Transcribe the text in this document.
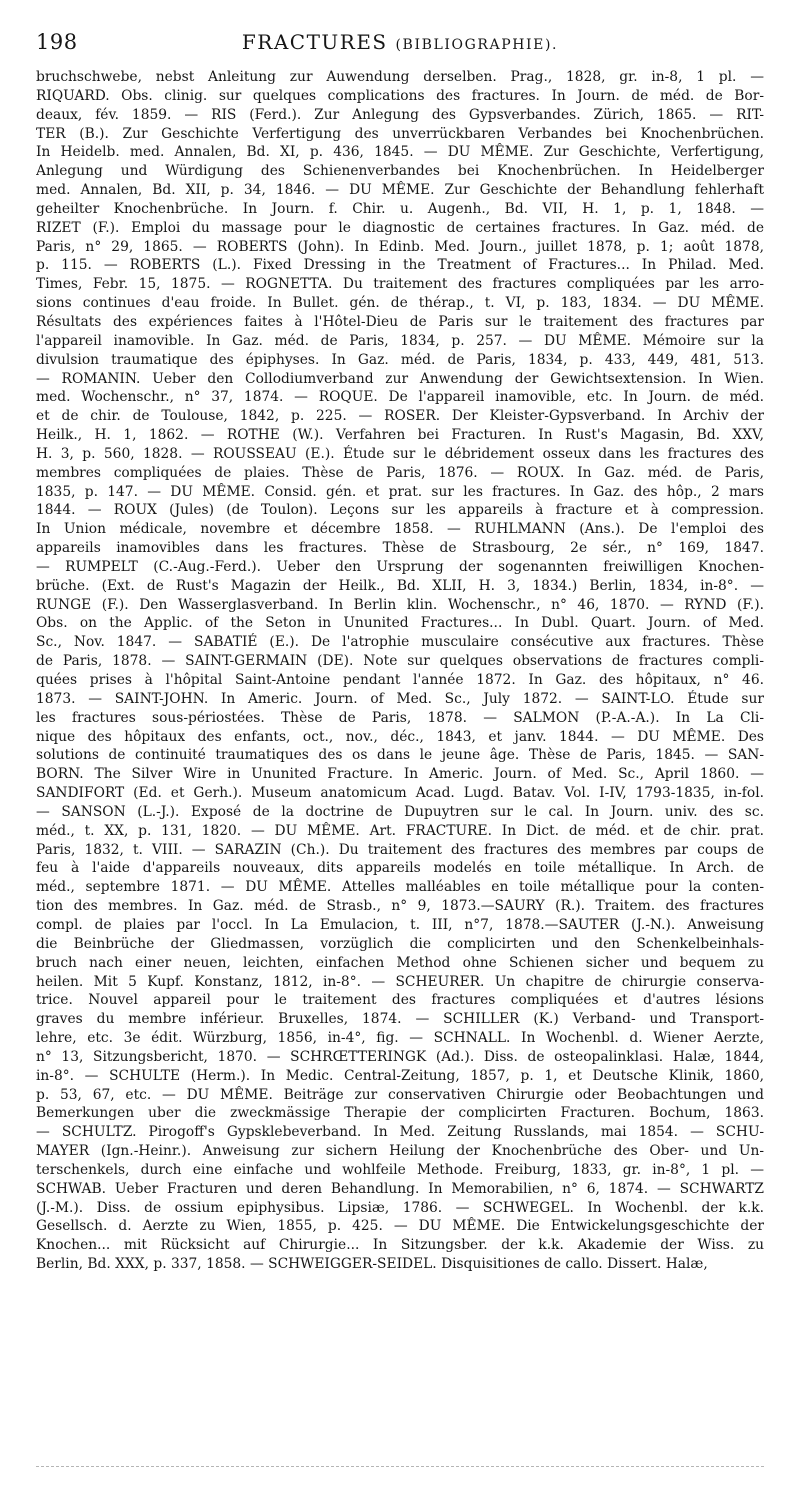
198	FRACTURES (BIBLIOGRAPHIE).
bruchschwebe, nebst Anleitung zur Auwendung derselben. Prag., 1828, gr. in-8, 1 pl. —
RIQUARD. Obs. clinig. sur quelques complications des fractures. In Journ. de méd. de Bor-
deaux, fév. 1859. — RIS (Ferd.). Zur Anlegung des Gypsverbandes. Zürich, 1865. — RIT-
TER (B.). Zur Geschichte Verfertigung des unverrückbaren Verbandes bei Knochenbrüchen.
In Heidelb. med. Annalen, Bd. XI, p. 436, 1845. — DU MÊME. Zur Geschichte, Verfertigung,
Anlegung und Würdigung des Schienenverbandes bei Knochenbrüchen. In Heidelberger
med. Annalen, Bd. XII, p. 34, 1846. — DU MÊME. Zur Geschichte der Behandlung fehlerhaft
geheilter Knochenbrüche. In Journ. f. Chir. u. Augenh., Bd. VII, H. 1, p. 1, 1848. —
RIZET (F.). Emploi du massage pour le diagnostic de certaines fractures. In Gaz. méd. de
Paris, n° 29, 1865. — ROBERTS (John). In Edinb. Med. Journ., juillet 1878, p. 1; août 1878,
p. 115. — ROBERTS (L.). Fixed Dressing in the Treatment of Fractures... In Philad. Med.
Times, Febr. 15, 1875. — ROGNETTA. Du traitement des fractures compliquées par les arro-
sions continues d'eau froide. In Bullet. gén. de thérap., t. VI, p. 183, 1834. — DU MÊME.
Résultats des expériences faites à l'Hôtel-Dieu de Paris sur le traitement des fractures par
l'appareil inamovible. In Gaz. méd. de Paris, 1834, p. 257. — DU MÊME. Mémoire sur la
divulsion traumatique des épiphyses. In Gaz. méd. de Paris, 1834, p. 433, 449, 481, 513.
— ROMANIN. Ueber den Collodiumverband zur Anwendung der Gewichtsextension. In Wien.
med. Wochenschr., n° 37, 1874. — ROQUE. De l'appareil inamovible, etc. In Journ. de méd.
et de chir. de Toulouse, 1842, p. 225. — ROSER. Der Kleister-Gypsverband. In Archiv der
Heilk., H. 1, 1862. — ROTHE (W.). Verfahren bei Fracturen. In Rust's Magasin, Bd. XXV,
H. 3, p. 560, 1828. — ROUSSEAU (E.). Étude sur le débridement osseux dans les fractures des
membres compliquées de plaies. Thèse de Paris, 1876. — ROUX. In Gaz. méd. de Paris,
1835, p. 147. — DU MÊME. Consid. gén. et prat. sur les fractures. In Gaz. des hôp., 2 mars
1844. — ROUX (Jules) (de Toulon). Leçons sur les appareils à fracture et à compression.
In Union médicale, novembre et décembre 1858. — RUHLMANN (Ans.). De l'emploi des
appareils inamovibles dans les fractures. Thèse de Strasbourg, 2e sér., n° 169, 1847.
— RUMPELT (C.-Aug.-Ferd.). Ueber den Ursprung der sogenannten freiwilligen Knochen-
brüche. (Ext. de Rust's Magazin der Heilk., Bd. XLII, H. 3, 1834.) Berlin, 1834, in-8°. —
RUNGE (F.). Den Wasserglasverband. In Berlin klin. Wochenschr., n° 46, 1870. — RYND (F.).
Obs. on the Applic. of the Seton in Ununited Fractures... In Dubl. Quart. Journ. of Med.
Sc., Nov. 1847. — SABATIÉ (E.). De l'atrophie musculaire consécutive aux fractures. Thèse
de Paris, 1878. — SAINT-GERMAIN (DE). Note sur quelques observations de fractures compli-
quées prises à l'hôpital Saint-Antoine pendant l'année 1872. In Gaz. des hôpitaux, n° 46.
1873. — SAINT-JOHN. In Americ. Journ. of Med. Sc., July 1872. — SAINT-LO. Étude sur
les fractures sous-périostées. Thèse de Paris, 1878. — SALMON (P.-A.-A.). In La Cli-
nique des hôpitaux des enfants, oct., nov., déc., 1843, et janv. 1844. — DU MÊME. Des
solutions de continuité traumatiques des os dans le jeune âge. Thèse de Paris, 1845. — SAN-
BORN. The Silver Wire in Ununited Fracture. In Americ. Journ. of Med. Sc., April 1860. —
SANDIFORT (Ed. et Gerh.). Museum anatomicum Acad. Lugd. Batav. Vol. I-IV, 1793-1835, in-fol.
— SANSON (L.-J.). Exposé de la doctrine de Dupuytren sur le cal. In Journ. univ. des sc.
méd., t. XX, p. 131, 1820. — DU MÊME. Art. FRACTURE. In Dict. de méd. et de chir. prat.
Paris, 1832, t. VIII. — SARAZIN (Ch.). Du traitement des fractures des membres par coups de
feu à l'aide d'appareils nouveaux, dits appareils modelés en toile métallique. In Arch. de
méd., septembre 1871. — DU MÊME. Attelles malléables en toile métallique pour la conten-
tion des membres. In Gaz. méd. de Strasb., n° 9, 1873.—SAURY (R.). Traitem. des fractures
compl. de plaies par l'occl. In La Emulacion, t. III, n°7, 1878.—SAUTER (J.-N.). Anweisung
die Beinbrüche der Gliedmassen, vorzüglich die complicirten und den Schenkelbeinhals-
bruch nach einer neuen, leichten, einfachen Method ohne Schienen sicher und bequem zu
heilen. Mit 5 Kupf. Konstanz, 1812, in-8°. — SCHEURER. Un chapitre de chirurgie conserva-
trice. Nouvel appareil pour le traitement des fractures compliquées et d'autres lésions
graves du membre inférieur. Bruxelles, 1874. — SCHILLER (K.) Verband- und Transport-
lehre, etc. 3e édit. Würzburg, 1856, in-4°, fig. — SCHNALL. In Wochenbl. d. Wiener Aerzte,
n° 13, Sitzungsbericht, 1870. — SCHRŒTTERINGK (Ad.). Diss. de osteopalinklasi. Halæ, 1844,
in-8°. — SCHULTE (Herm.). In Medic. Central-Zeitung, 1857, p. 1, et Deutsche Klinik, 1860,
p. 53, 67, etc. — DU MÊME. Beiträge zur conservativen Chirurgie oder Beobachtungen und
Bemerkungen uber die zweckmässige Therapie der complicirten Fracturen. Bochum, 1863.
— SCHULTZ. Pirogoff's Gypsklebeverband. In Med. Zeitung Russlands, mai 1854. — SCHU-
MAYER (Ign.-Heinr.). Anweisung zur sichern Heilung der Knochenbrüche des Ober- und Un-
terschenkels, durch eine einfache und wohlfeile Methode. Freiburg, 1833, gr. in-8°, 1 pl. —
SCHWAB. Ueber Fracturen und deren Behandlung. In Memorabilien, n° 6, 1874. — SCHWARTZ
(J.-M.). Diss. de ossium epiphysibus. Lipsiæ, 1786. — SCHWEGEL. In Wochenbl. der k.k.
Gesellsch. d. Aerzte zu Wien, 1855, p. 425. — DU MÊME. Die Entwickelungsgeschichte der
Knochen... mit Rücksicht auf Chirurgie... In Sitzungsber. der k.k. Akademie der Wiss. zu
Berlin, Bd. XXX, p. 337, 1858. — SCHWEIGGER-SEIDEL. Disquisitiones de callo. Dissert. Halæ,
